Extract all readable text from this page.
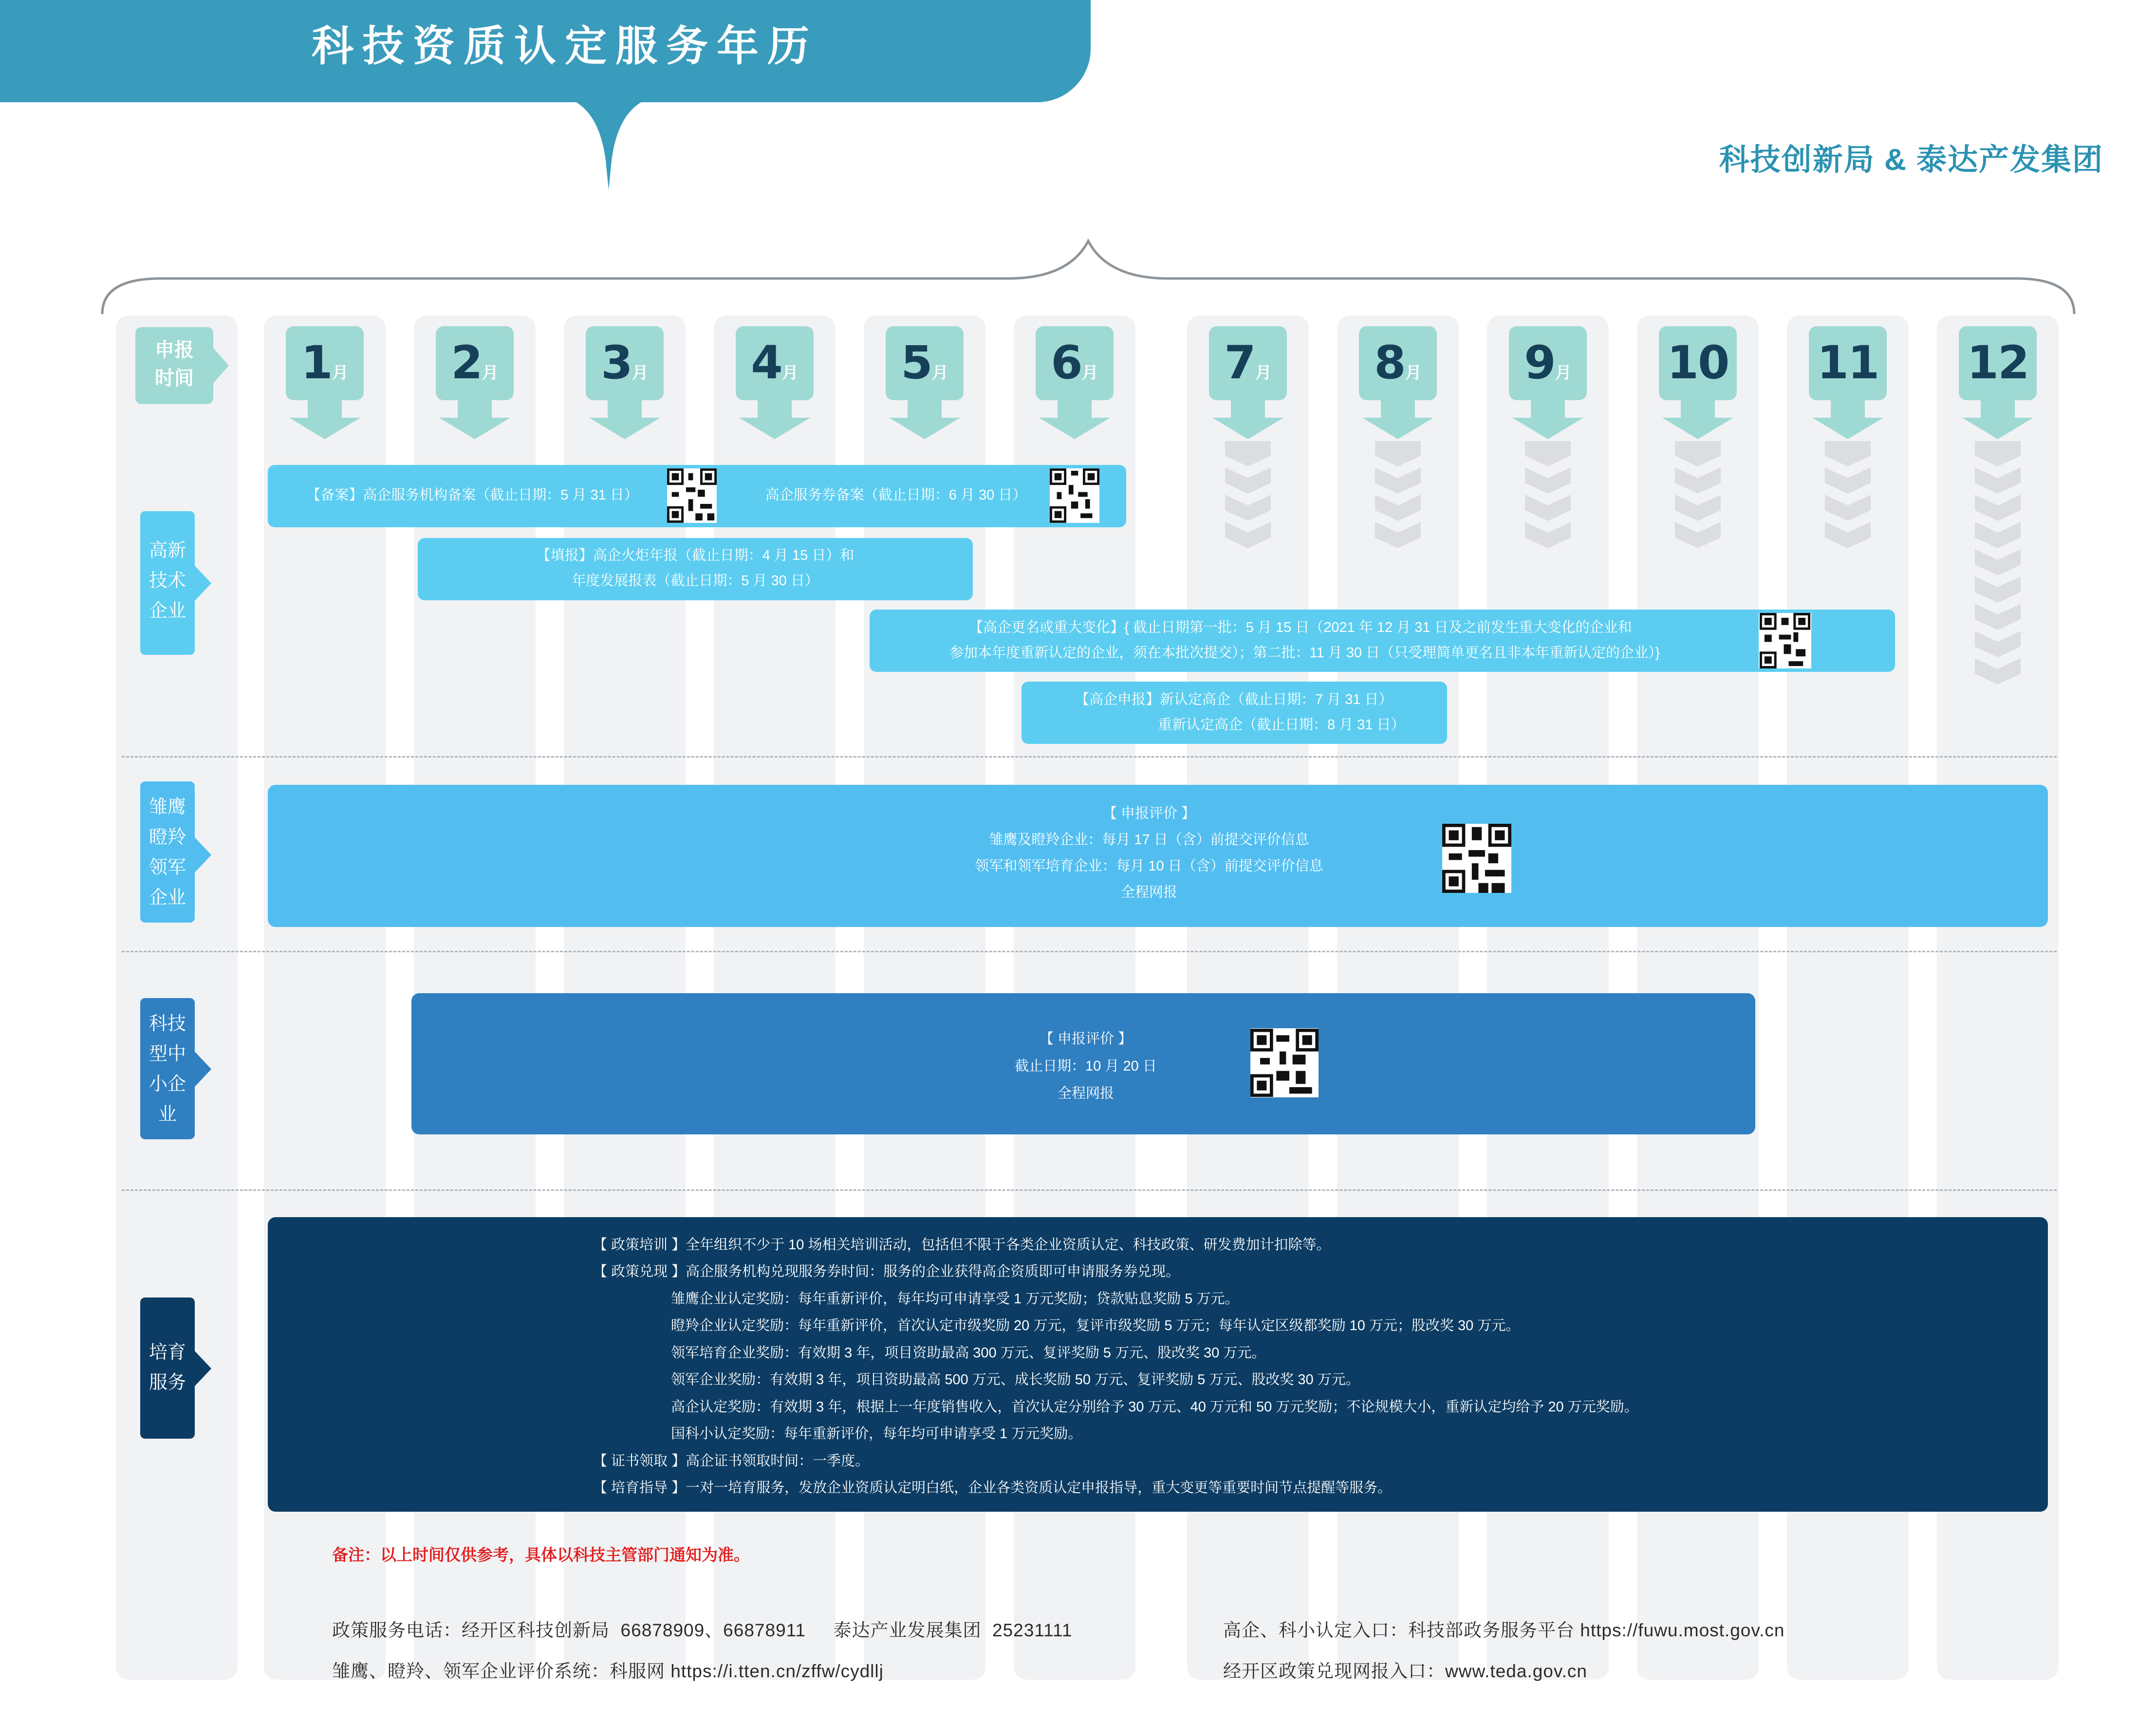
科技资质认定服务年历
科技创新局 & 泰达产发集团
申报
时间	1月	2月	3月	4月	5月	6月	7月	8月	9月	10 11 12
高新
技术
企业
雏鹰
瞪羚
领军
企业
科技
型中
小企
业
培育
服务
【备案】高企服务机构备案（截止日期：5 月 31 日）	高企服务券备案（截止日期：6 月 30 日）
【填报】高企火炬年报（截止日期：4 月 15 日）和
年度发展报表（截止日期：5 月 30 日）
【高企更名或重大变化】{ 截止日期第一批：5 月 15 日（2021 年 12 月 31 日及之前发生重大变化的企业和
参加本年度重新认定的企业，须在本批次提交）；第二批：11 月 30 日（只受理简单更名且非本年重新认定的企业）}
【高企申报】新认定高企（截止日期：7 月 31 日）
重新认定高企（截止日期：8 月 31 日）
【 申报评价 】
雏鹰及瞪羚企业：每月 17 日（含）前提交评价信息
领军和领军培育企业：每月 10 日（含）前提交评价信息
全程网报
【 申报评价 】
截止日期：10 月 20 日
全程网报
【 政策培训 】全年组织不少于 10 场相关培训活动，包括但不限于各类企业资质认定、科技政策、研发费加计扣除等。
【 政策兑现 】高企服务机构兑现服务券时间：服务的企业获得高企资质即可申请服务券兑现。
雏鹰企业认定奖励：每年重新评价，每年均可申请享受 1 万元奖励；贷款贴息奖励 5 万元。
瞪羚企业认定奖励：每年重新评价，首次认定市级奖励 20 万元，复评市级奖励 5 万元；每年认定区级都奖励 10 万元；股改奖 30 万元。
领军培育企业奖励：有效期 3 年，项目资助最高 300 万元、复评奖励 5 万元、股改奖 30 万元。
领军企业奖励：有效期 3 年，项目资助最高 500 万元、成长奖励 50 万元、复评奖励 5 万元、股改奖 30 万元。
高企认定奖励：有效期 3 年，根据上一年度销售收入，首次认定分别给予 30 万元、40 万元和 50 万元奖励；不论规模大小，重新认定均给予 20 万元奖励。
国科小认定奖励：每年重新评价，每年均可申请享受 1 万元奖励。
【 证书领取 】高企证书领取时间：一季度。
【 培育指导 】一对一培育服务，发放企业资质认定明白纸，企业各类资质认定申报指导，重大变更等重要时间节点提醒等服务。
备注：以上时间仅供参考，具体以科技主管部门通知为准。
政策服务电话：经开区科技创新局  66878909、66878911     泰达产业发展集团  25231111	高企、科小认定入口：科技部政务服务平台 https://fuwu.most.gov.cn
雏鹰、瞪羚、领军企业评价系统：科服网 https://i.tten.cn/zffw/cydllj	经开区政策兑现网报入口：www.teda.gov.cn
